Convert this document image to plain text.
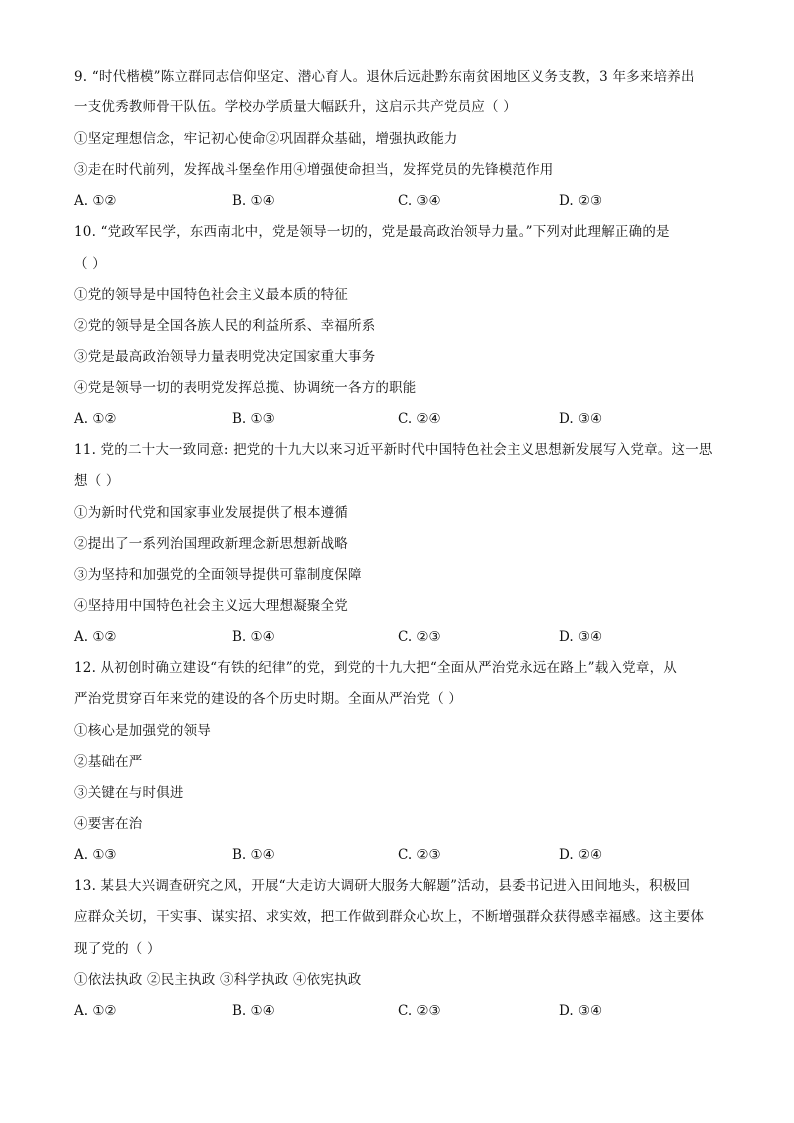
9. “时代楷模”陈立群同志信仰坚定、潜心育人。退休后远赴黔东南贫困地区义务支教，3 年多来培养出
一支优秀教师骨干队伍。学校办学质量大幅跃升，这启示共产党员应（ ）
①坚定理想信念，牢记初心使命②巩固群众基础，增强执政能力
③走在时代前列，发挥战斗堡垒作用④增强使命担当，发挥党员的先锋模范作用
A. ①②	B. ①④	C. ③④	D. ②③
10. “党政军民学，东西南北中，党是领导一切的，党是最高政治领导力量。”下列对此理解正确的是
（ ）
①党的领导是中国特色社会主义最本质的特征
②党的领导是全国各族人民的利益所系、幸福所系
③党是最高政治领导力量表明党决定国家重大事务
④党是领导一切的表明党发挥总揽、协调统一各方的职能
A. ①②	B. ①③	C. ②④	D. ③④
11. 党的二十大一致同意: 把党的十九大以来习近平新时代中国特色社会主义思想新发展写入党章。这一思
想（ ）
①为新时代党和国家事业发展提供了根本遵循
②提出了一系列治国理政新理念新思想新战略
③为坚持和加强党的全面领导提供可靠制度保障
④坚持用中国特色社会主义远大理想凝聚全党
A. ①②	B. ①④	C. ②③	D. ③④
12. 从初创时确立建设“有铁的纪律”的党，到党的十九大把“全面从严治党永远在路上”载入党章，从
严治党贯穿百年来党的建设的各个历史时期。全面从严治党（ ）
①核心是加强党的领导
②基础在严
③关键在与时俱进
④要害在治
A. ①③	B. ①④	C. ②③	D. ②④
13. 某县大兴调查研究之风，开展“大走访大调研大服务大解题”活动，县委书记进入田间地头，积极回
应群众关切，干实事、谋实招、求实效，把工作做到群众心坎上，不断增强群众获得感幸福感。这主要体
现了党的（ ）
①依法执政 ②民主执政 ③科学执政 ④依宪执政
A. ①②	B. ①④	C. ②③	D. ③④
